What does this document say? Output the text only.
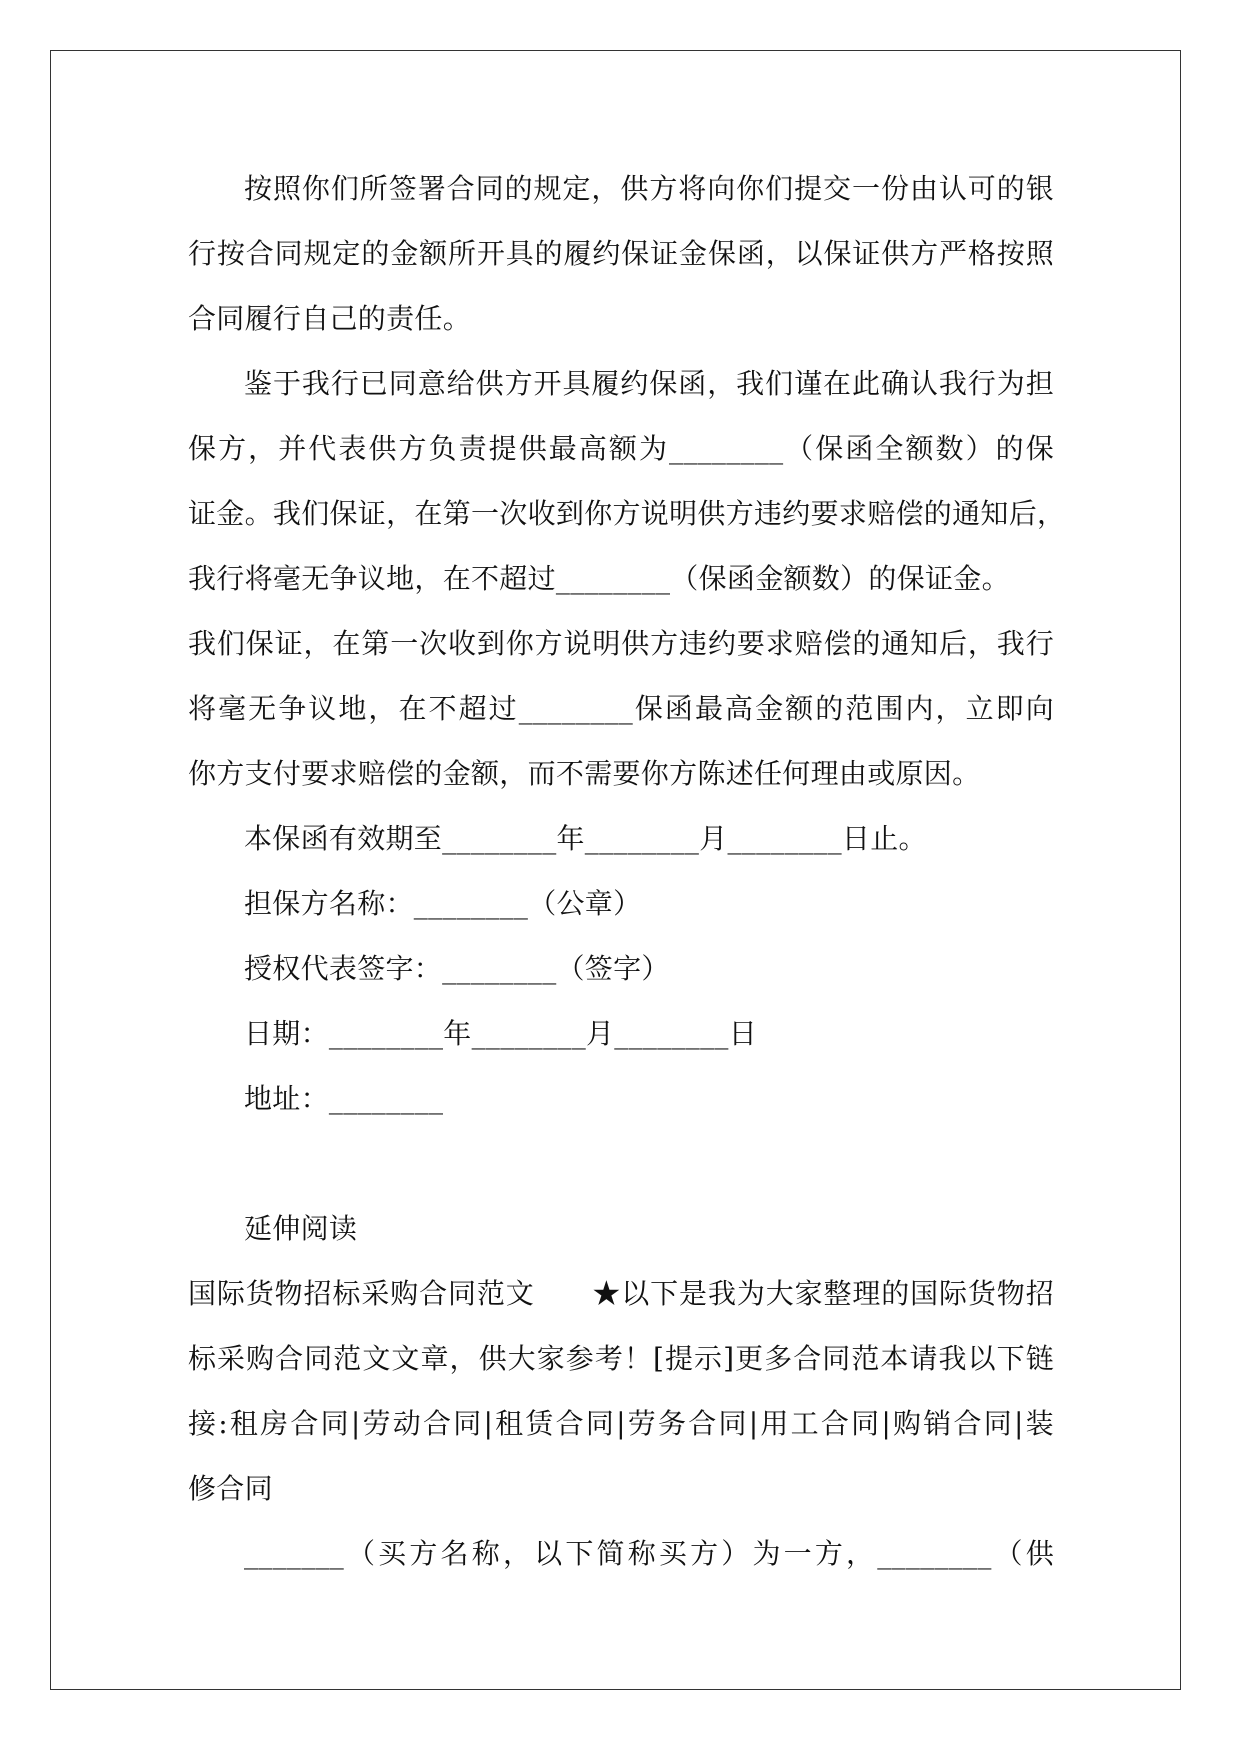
按照你们所签署合同的规定，供方将向你们提交一份由认可的银
行按合同规定的金额所开具的履约保证金保函，以保证供方严格按照
合同履行自己的责任。
鉴于我行已同意给供方开具履约保函，我们谨在此确认我行为担
保方，并代表供方负责提供最高额为________（保函全额数）的保
证金。我们保证，在第一次收到你方说明供方违约要求赔偿的通知后，
我行将毫无争议地，在不超过________（保函金额数）的保证金。
我们保证，在第一次收到你方说明供方违约要求赔偿的通知后，我行
将毫无争议地，在不超过________保函最高金额的范围内，立即向
你方支付要求赔偿的金额，而不需要你方陈述任何理由或原因。
本保函有效期至________年________月________日止。
担保方名称：________（公章）
授权代表签字：________（签字）
日期：________年________月________日
地址：________
延伸阅读
国际货物招标采购合同范文　　★以下是我为大家整理的国际货物招
标采购合同范文文章，供大家参考！[提示]更多合同范本请我以下链
接:租房合同|劳动合同|租赁合同|劳务合同|用工合同|购销合同|装
修合同
_______（买方名称，以下简称买方）为一方，________（供
